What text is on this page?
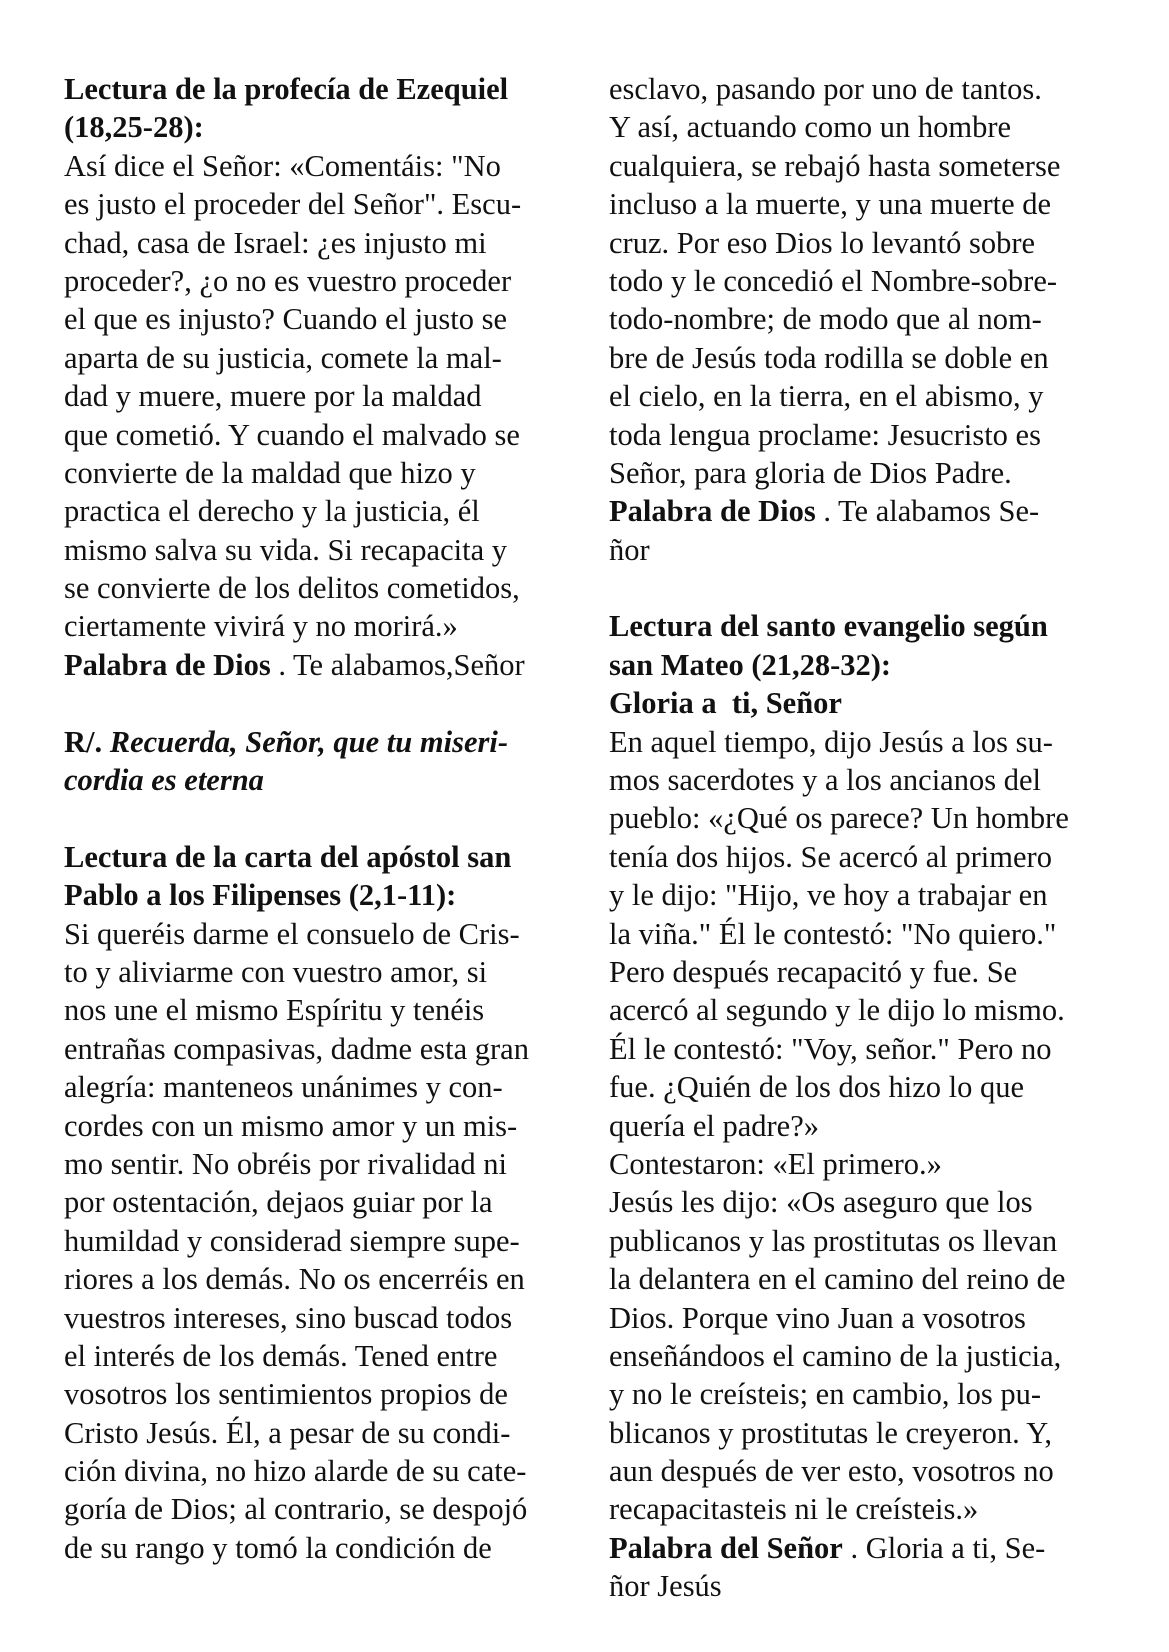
Lectura de la profecía de Ezequiel
(18,25-28):
Así dice el Señor: «Comentáis: "No
es justo el proceder del Señor". Escu-
chad, casa de Israel: ¿es injusto mi
proceder?, ¿o no es vuestro proceder
el que es injusto? Cuando el justo se
aparta de su justicia, comete la mal-
dad y muere, muere por la maldad
que cometió. Y cuando el malvado se
convierte de la maldad que hizo y
practica el derecho y la justicia, él
mismo salva su vida. Si recapacita y
se convierte de los delitos cometidos,
ciertamente vivirá y no morirá.»
Palabra de Dios . Te alabamos,Señor
R/. Recuerda, Señor, que tu miseri-
cordia es eterna
Lectura de la carta del apóstol san
Pablo a los Filipenses (2,1-11):
Si queréis darme el consuelo de Cris-
to y aliviarme con vuestro amor, si
nos une el mismo Espíritu y tenéis
entrañas compasivas, dadme esta gran
alegría: manteneos unánimes y con-
cordes con un mismo amor y un mis-
mo sentir. No obréis por rivalidad ni
por ostentación, dejaos guiar por la
humildad y considerad siempre supe-
riores a los demás. No os encerréis en
vuestros intereses, sino buscad todos
el interés de los demás. Tened entre
vosotros los sentimientos propios de
Cristo Jesús. Él, a pesar de su condi-
ción divina, no hizo alarde de su cate-
goría de Dios; al contrario, se despojó
de su rango y tomó la condición de
esclavo, pasando por uno de tantos.
Y así, actuando como un hombre
cualquiera, se rebajó hasta someterse
incluso a la muerte, y una muerte de
cruz. Por eso Dios lo levantó sobre
todo y le concedió el Nombre-sobre-
todo-nombre; de modo que al nom-
bre de Jesús toda rodilla se doble en
el cielo, en la tierra, en el abismo, y
toda lengua proclame: Jesucristo es
Señor, para gloria de Dios Padre.
Palabra de Dios . Te alabamos Se-
ñor
Lectura del santo evangelio según
san Mateo (21,28-32):
Gloria a  ti, Señor
En aquel tiempo, dijo Jesús a los su-
mos sacerdotes y a los ancianos del
pueblo: «¿Qué os parece? Un hombre
tenía dos hijos. Se acercó al primero
y le dijo: "Hijo, ve hoy a trabajar en
la viña." Él le contestó: "No quiero."
Pero después recapacitó y fue. Se
acercó al segundo y le dijo lo mismo.
Él le contestó: "Voy, señor." Pero no
fue. ¿Quién de los dos hizo lo que
quería el padre?»
Contestaron: «El primero.»
Jesús les dijo: «Os aseguro que los
publicanos y las prostitutas os llevan
la delantera en el camino del reino de
Dios. Porque vino Juan a vosotros
enseñándoos el camino de la justicia,
y no le creísteis; en cambio, los pu-
blicanos y prostitutas le creyeron. Y,
aun después de ver esto, vosotros no
recapacitasteis ni le creísteis.»
Palabra del Señor . Gloria a ti, Se-
ñor Jesús
